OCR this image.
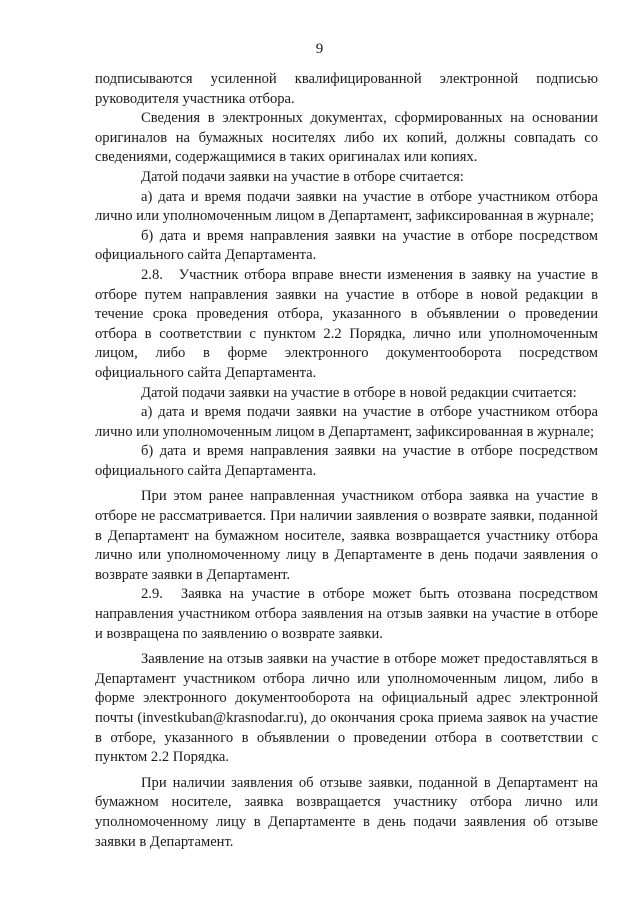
9

подписываются усиленной квалифицированной электронной подписью руководителя участника отбора.

Сведения в электронных документах, сформированных на основании оригиналов на бумажных носителях либо их копий, должны совпадать со сведениями, содержащимися в таких оригиналах или копиях.

Датой подачи заявки на участие в отборе считается:

а) дата и время подачи заявки на участие в отборе участником отбора лично или уполномоченным лицом в Департамент, зафиксированная в журнале;

б) дата и время направления заявки на участие в отборе посредством официального сайта Департамента.

2.8. Участник отбора вправе внести изменения в заявку на участие в отборе путем направления заявки на участие в отборе в новой редакции в течение срока проведения отбора, указанного в объявлении о проведении отбора в соответствии с пунктом 2.2 Порядка, лично или уполномоченным лицом, либо в форме электронного документооборота посредством официального сайта Департамента.

Датой подачи заявки на участие в отборе в новой редакции считается:

а) дата и время подачи заявки на участие в отборе участником отбора лично или уполномоченным лицом в Департамент, зафиксированная в журнале;

б) дата и время направления заявки на участие в отборе посредством официального сайта Департамента.

При этом ранее направленная участником отбора заявка на участие в отборе не рассматривается. При наличии заявления о возврате заявки, поданной в Департамент на бумажном носителе, заявка возвращается участнику отбора лично или уполномоченному лицу в Департаменте в день подачи заявления о возврате заявки в Департамент.

2.9. Заявка на участие в отборе может быть отозвана посредством направления участником отбора заявления на отзыв заявки на участие в отборе и возвращена по заявлению о возврате заявки.

Заявление на отзыв заявки на участие в отборе может предоставляться в Департамент участником отбора лично или уполномоченным лицом, либо в форме электронного документооборота на официальный адрес электронной почты (investkuban@krasnodar.ru), до окончания срока приема заявок на участие в отборе, указанного в объявлении о проведении отбора в соответствии с пунктом 2.2 Порядка.

При наличии заявления об отзыве заявки, поданной в Департамент на бумажном носителе, заявка возвращается участнику отбора лично или уполномоченному лицу в Департаменте в день подачи заявления об отзыве заявки в Департамент.
